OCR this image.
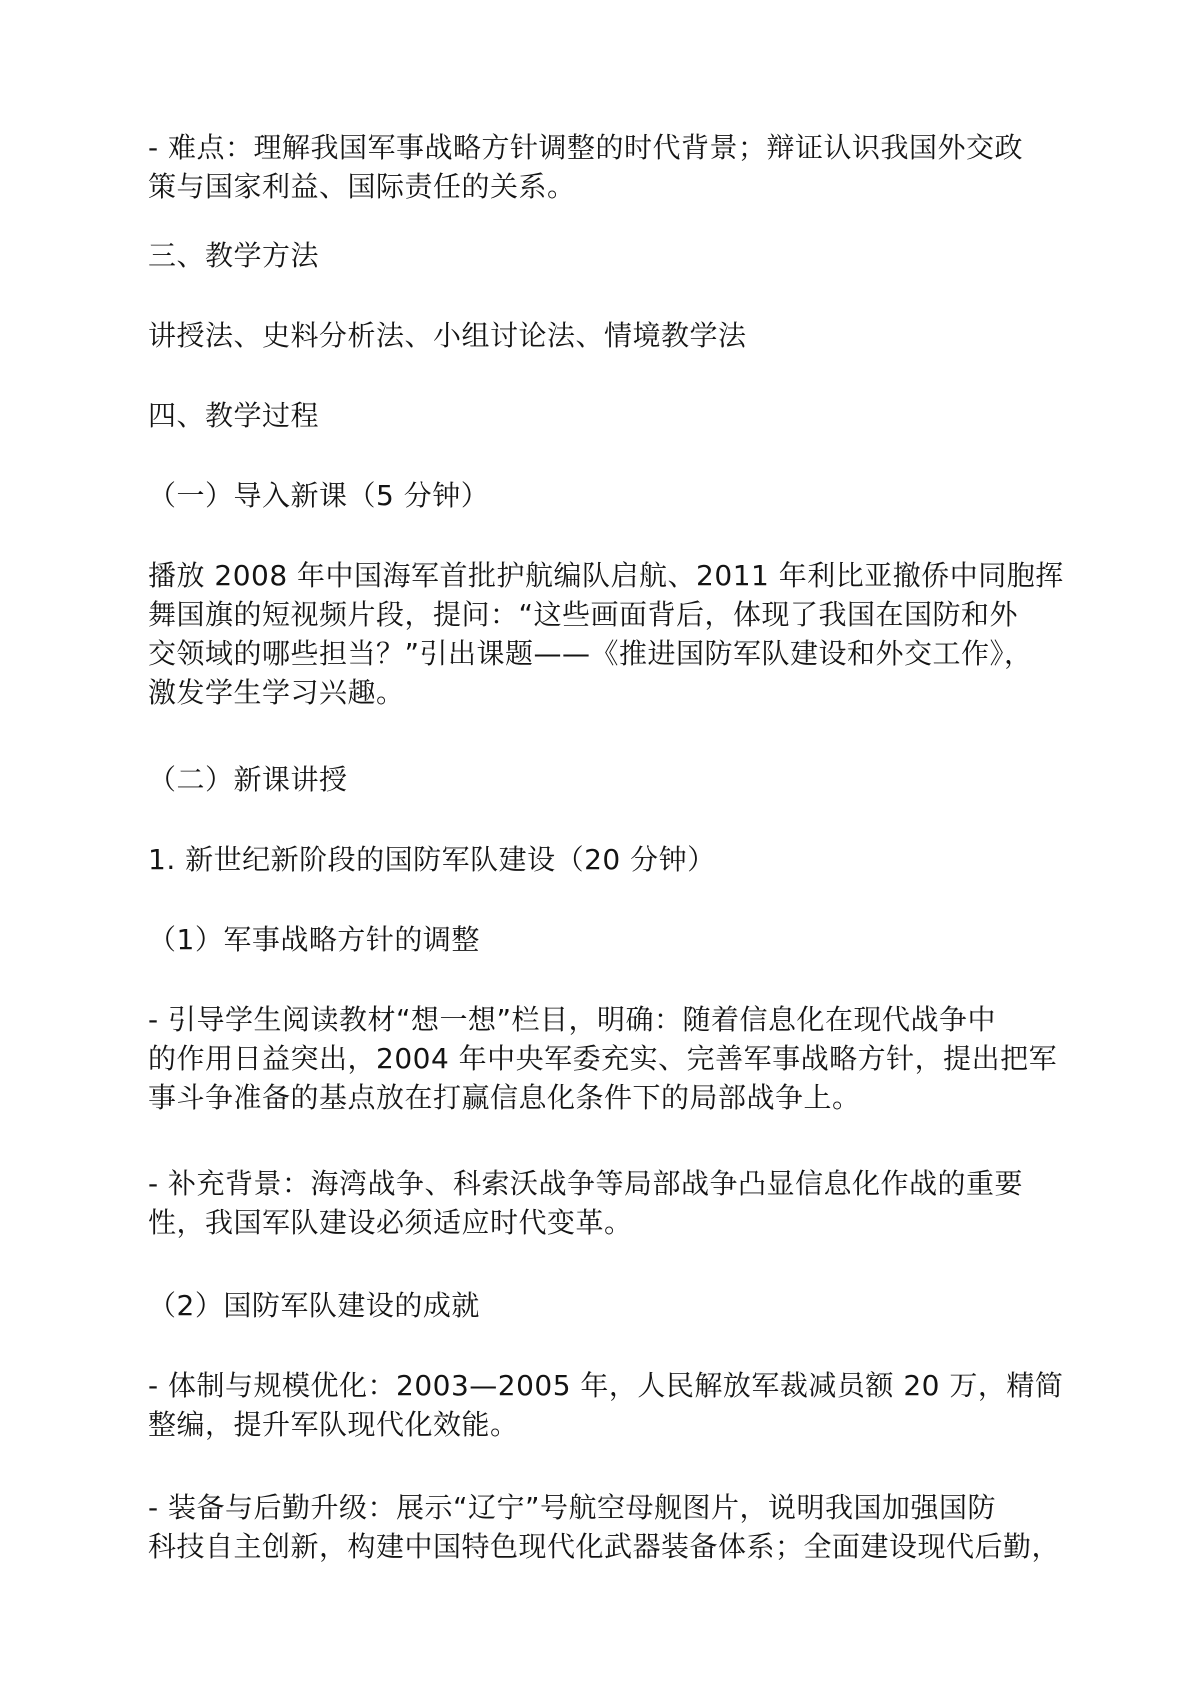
- 难点：理解我国军事战略方针调整的时代背景；辩证认识我国外交政
策与国家利益、国际责任的关系。

三、教学方法

讲授法、史料分析法、小组讨论法、情境教学法

四、教学过程

（一）导入新课（5 分钟）

播放 2008 年中国海军首批护航编队启航、2011 年利比亚撤侨中同胞挥
舞国旗的短视频片段，提问：“这些画面背后，体现了我国在国防和外
交领域的哪些担当？”引出课题——《推进国防军队建设和外交工作》，
激发学生学习兴趣。

（二）新课讲授

1. 新世纪新阶段的国防军队建设（20 分钟）

（1）军事战略方针的调整

- 引导学生阅读教材“想一想”栏目，明确：随着信息化在现代战争中
的作用日益突出，2004 年中央军委充实、完善军事战略方针，提出把军
事斗争准备的基点放在打赢信息化条件下的局部战争上。

- 补充背景：海湾战争、科索沃战争等局部战争凸显信息化作战的重要
性，我国军队建设必须适应时代变革。

（2）国防军队建设的成就

- 体制与规模优化：2003—2005 年，人民解放军裁减员额 20 万，精简
整编，提升军队现代化效能。

- 装备与后勤升级：展示“辽宁”号航空母舰图片，说明我国加强国防
科技自主创新，构建中国特色现代化武器装备体系；全面建设现代后勤，
